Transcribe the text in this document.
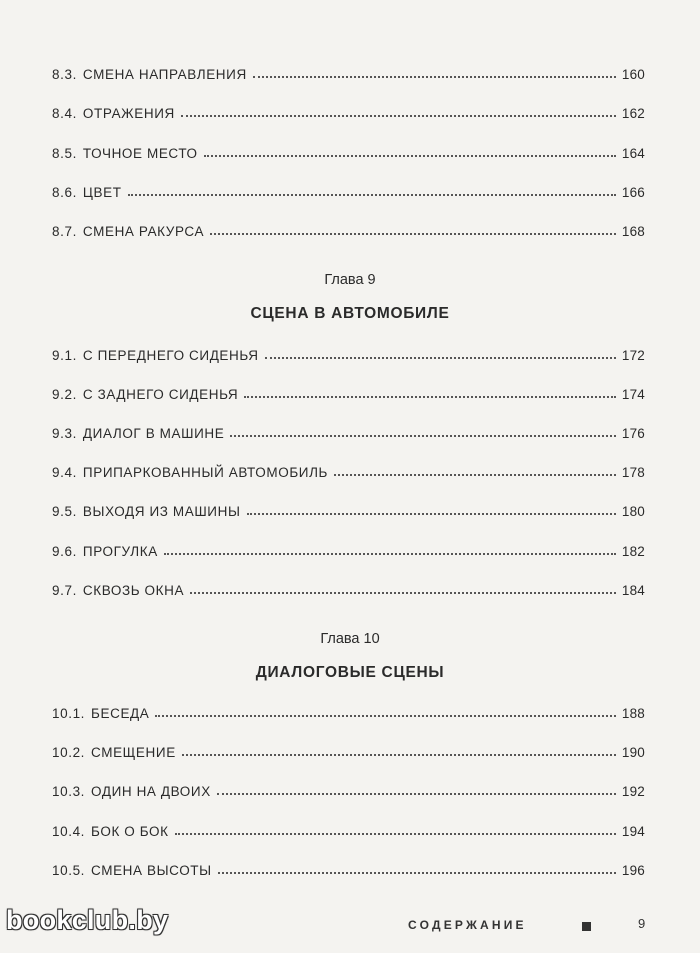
8.3. СМЕНА НАПРАВЛЕНИЯ	160
8.4. ОТРАЖЕНИЯ	162
8.5. ТОЧНОЕ МЕСТО	164
8.6. ЦВЕТ	166
8.7. СМЕНА РАКУРСА	168
Глава 9
СЦЕНА В АВТОМОБИЛЕ
9.1. С ПЕРЕДНЕГО СИДЕНЬЯ	172
9.2. С ЗАДНЕГО СИДЕНЬЯ	174
9.3. ДИАЛОГ В МАШИНЕ	176
9.4. ПРИПАРКОВАННЫЙ АВТОМОБИЛЬ	178
9.5. ВЫХОДЯ ИЗ МАШИНЫ	180
9.6. ПРОГУЛКА	182
9.7. СКВОЗЬ ОКНА	184
Глава 10
ДИАЛОГОВЫЕ СЦЕНЫ
10.1. БЕСЕДА	188
10.2. СМЕЩЕНИЕ	190
10.3. ОДИН НА ДВОИХ	192
10.4. БОК О БОК	194
10.5. СМЕНА ВЫСОТЫ	196
СОДЕРЖАНИЕ	9
bookclub.by
